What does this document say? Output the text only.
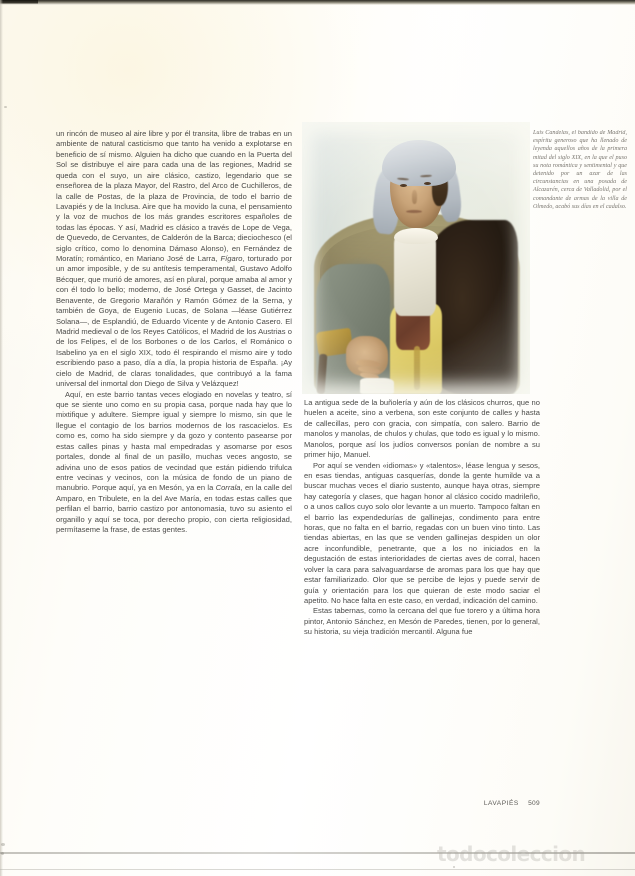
un rincón de museo al aire libre y por él transita, libre de trabas en un ambiente de natural casticismo que tanto ha venido a explotarse en beneficio de sí mismo. Alguien ha dicho que cuando en la Puerta del Sol se distribuye el aire para cada una de las regiones, Madrid se queda con el suyo, un aire clásico, castizo, legendario que se enseñorea de la plaza Mayor, del Rastro, del Arco de Cuchilleros, de la calle de Postas, de la plaza de Provincia, de todo el barrio de Lavapiés y de la Inclusa. Aire que ha movido la cuna, el pensamiento y la voz de muchos de los más grandes escritores españoles de todas las épocas. Y así, Madrid es clásico a través de Lope de Vega, de Quevedo, de Cervantes, de Calderón de la Barca; dieciochesco (el siglo crítico, como lo denomina Dámaso Alonso), en Fernández de Moratín; romántico, en Mariano José de Larra, Fígaro, torturado por un amor imposible, y de su antítesis temperamental, Gustavo Adolfo Bécquer, que murió de amores, así en plural, porque amaba al amor y con él todo lo bello; moderno, de José Ortega y Gasset, de Jacinto Benavente, de Gregorio Marañón y Ramón Gómez de la Serna, y también de Goya, de Eugenio Lucas, de Solana —léase Gutiérrez Solana—, de Esplandiú, de Eduardo Vicente y de Antonio Casero. El Madrid medieval o de los Reyes Católicos, el Madrid de los Austrias o de los Felipes, el de los Borbones o de los Carlos, el Románico o Isabelino ya en el siglo XIX, todo él respirando el mismo aire y todo escribiendo paso a paso, día a día, la propia historia de España. ¡Ay cielo de Madrid, de claras tonalidades, que contribuyó a la fama universal del inmortal don Diego de Silva y Velázquez!

Aquí, en este barrio tantas veces elogiado en novelas y teatro, sí que se siente uno como en su propia casa, porque nada hay que lo mixtifique y adultere. Siempre igual y siempre lo mismo, sin que le llegue el contagio de los barrios modernos de los rascacielos. Es como es, como ha sido siempre y da gozo y contento pasearse por estas calles pinas y hasta mal empedradas y asomarse por esos portales, donde al final de un pasillo, muchas veces angosto, se adivina uno de esos patios de vecindad que están pidiendo trifulca entre vecinas y vecinos, con la música de fondo de un piano de manubrio. Porque aquí, ya en Mesón, ya en la Corrala, en la calle del Amparo, en Tribulete, en la del Ave María, en todas estas calles que perfilan el barrio, barrio castizo por antonomasia, tuvo su asiento el organillo y aquí se toca, por derecho propio, con cierta religiosidad, permítaseme la frase, de estas gentes.

La antigua sede de la buñolería y aún de los clásicos churros, que no huelen a aceite, sino a verbena, son este conjunto de calles y hasta de callecillas, pero con gracia, con simpatía, con salero. Barrio de manolos y manolas, de chulos y chulas, que todo es igual y lo mismo. Manolos, porque así los judíos conversos ponían de nombre a su primer hijo, Manuel.

Por aquí se venden «idiomas» y «talentos», léase lengua y sesos, en esas tiendas, antiguas casquerías, donde la gente humilde va a buscar muchas veces el diario sustento, aunque haya otras, siempre hay categoría y clases, que hagan honor al clásico cocido madrileño, o a unos callos cuyo solo olor levante a un muerto. Tampoco faltan en el barrio las expendedurías de gallinejas, condimento para entre horas, que no falta en el barrio, regadas con un buen vino tinto. Las tiendas abiertas, en las que se venden gallinejas despiden un olor acre inconfundible, penetrante, que a los no iniciados en la degustación de estas interioridades de ciertas aves de corral, hacen volver la cara para salvaguardarse de aromas para los que hay que estar familiarizado. Olor que se percibe de lejos y puede servir de guía y orientación para los que quieran de este modo saciar el apetito. No hace falta en este caso, en verdad, indicación del camino.

Estas tabernas, como la cercana del que fue torero y a última hora pintor, Antonio Sánchez, en Mesón de Paredes, tienen, por lo general, su historia, su vieja tradición mercantil. Alguna fue

Luis Candelas, el bandido de Madrid, espíritu generoso que ha llenado de leyenda aquellos años de la primera mitad del siglo XIX, en la que el puso su nota romántica y sentimental y que detenido por un azar de las circunstancias en una posada de Alcazarén, cerca de Valladolid, por el comandante de armas de la villa de Olmedo, acabó sus días en el cadalso.
LAVAPIÉS 509
todocoleccion
